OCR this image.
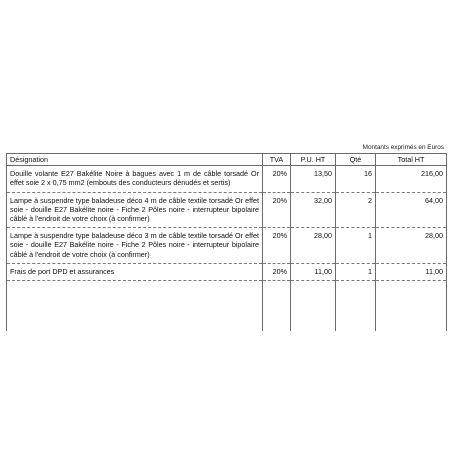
Montants exprimés en Euros
Désignation	TVA	P.U. HT	Qté	Total HT
Douille volante E27 Bakélite Noire à bagues avec 1 m de câble torsadé Or effet soie 2 x 0,75 mm2 (embouts des conducteurs dénudés et sertis)	20%	13,50	16	216,00
Lampe à suspendre type baladeuse déco 4 m de câble textile torsadé Or effet soie - douille E27 Bakélite noire - Fiche 2 Pôles noire - interrupteur bipolaire câblé à l'endroit de votre choix (à confirmer)	20%	32,00	2	64,00
Lampe à suspendre type baladeuse déco 3 m de câble textile torsadé Or effet soie - douille E27 Bakélite noire - Fiche 2 Pôles noire - interrupteur bipolaire câblé à l'endroit de votre choix (à confirmer)	20%	28,00	1	28,00
Frais de port DPD et assurances	20%	11,00	1	11,00
